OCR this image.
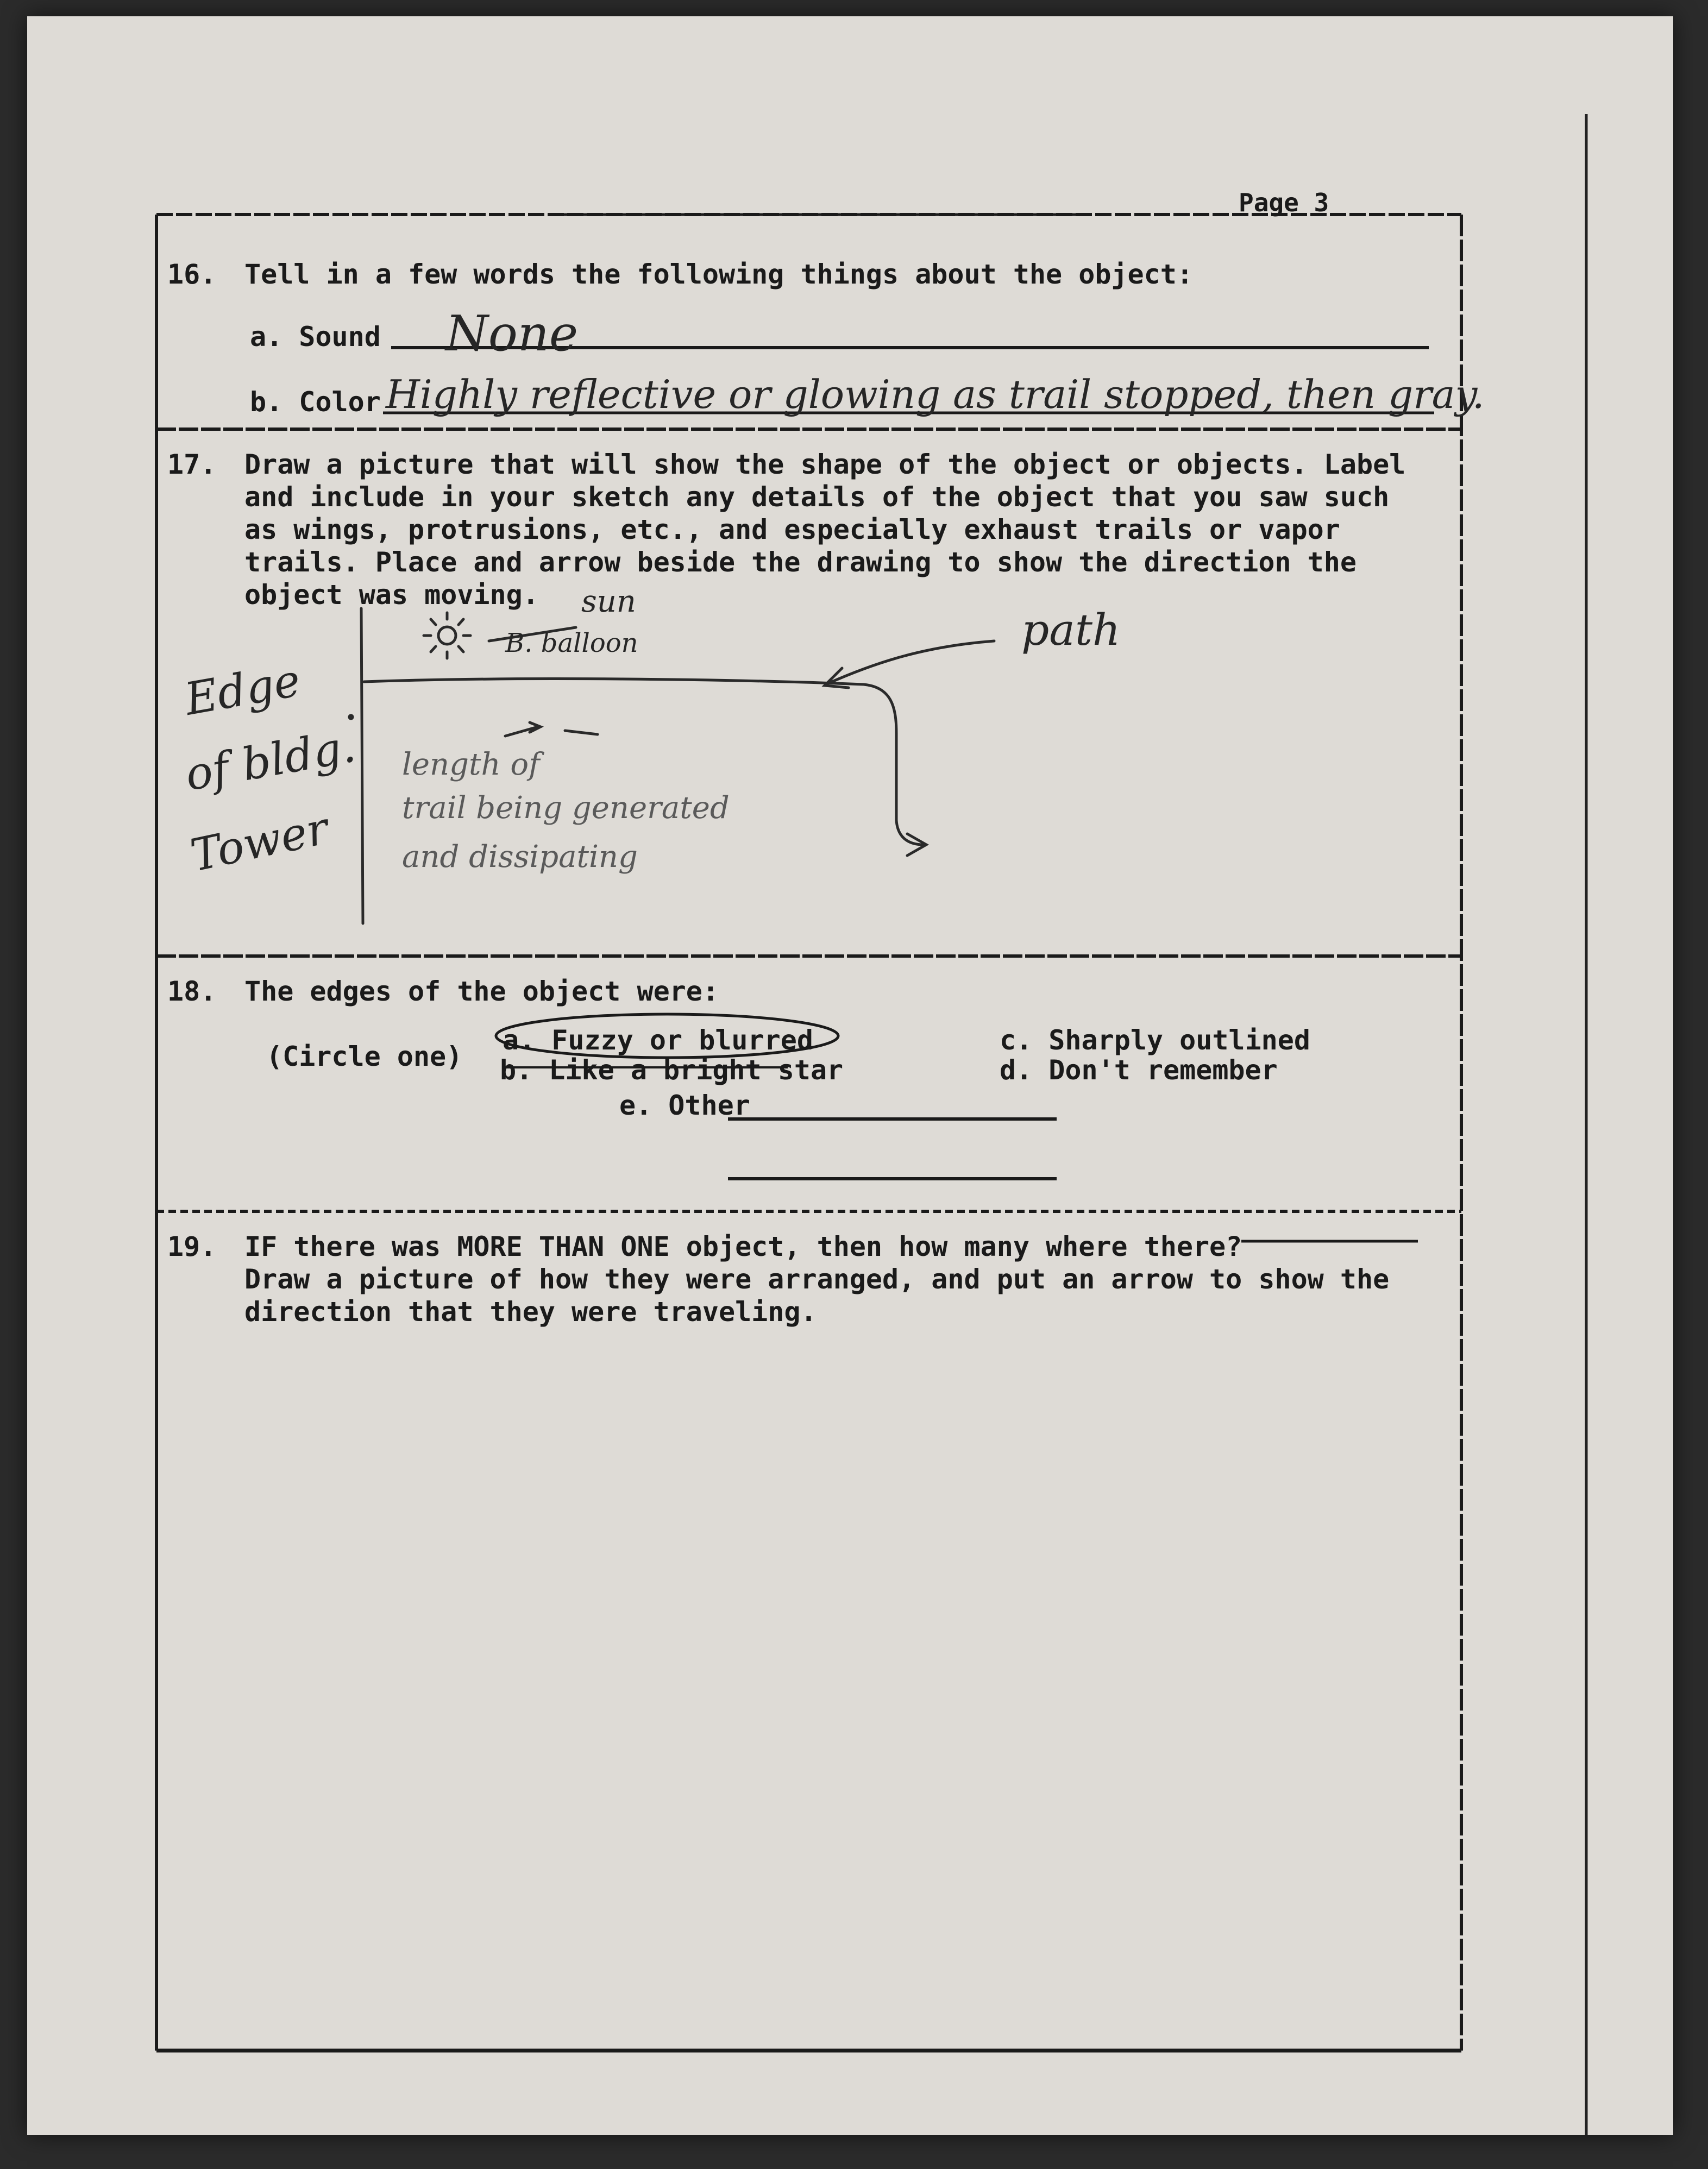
Page 3
16. Tell in a few words the following things about the object:
a. Sound None
b. Color Highly reflective or glowing as trail stopped, then gray.
17. Draw a picture that will show the shape of the object or objects. Label
and include in your sketch any details of the object that you saw such
as wings, protrusions, etc., and especially exhaust trails or vapor
trails. Place and arrow beside the drawing to show the direction the
object was moving. sun
B. balloon	path
Edge
of bldg.
Tower
length of
trail being generated
and dissipating
18. The edges of the object were:
(Circle one)
a. Fuzzy or blurred
b. Like a bright star
c. Sharply outlined
d. Don't remember
e. Other
19. IF there was MORE THAN ONE object, then how many where there?
Draw a picture of how they were arranged, and put an arrow to show the
direction that they were traveling.
